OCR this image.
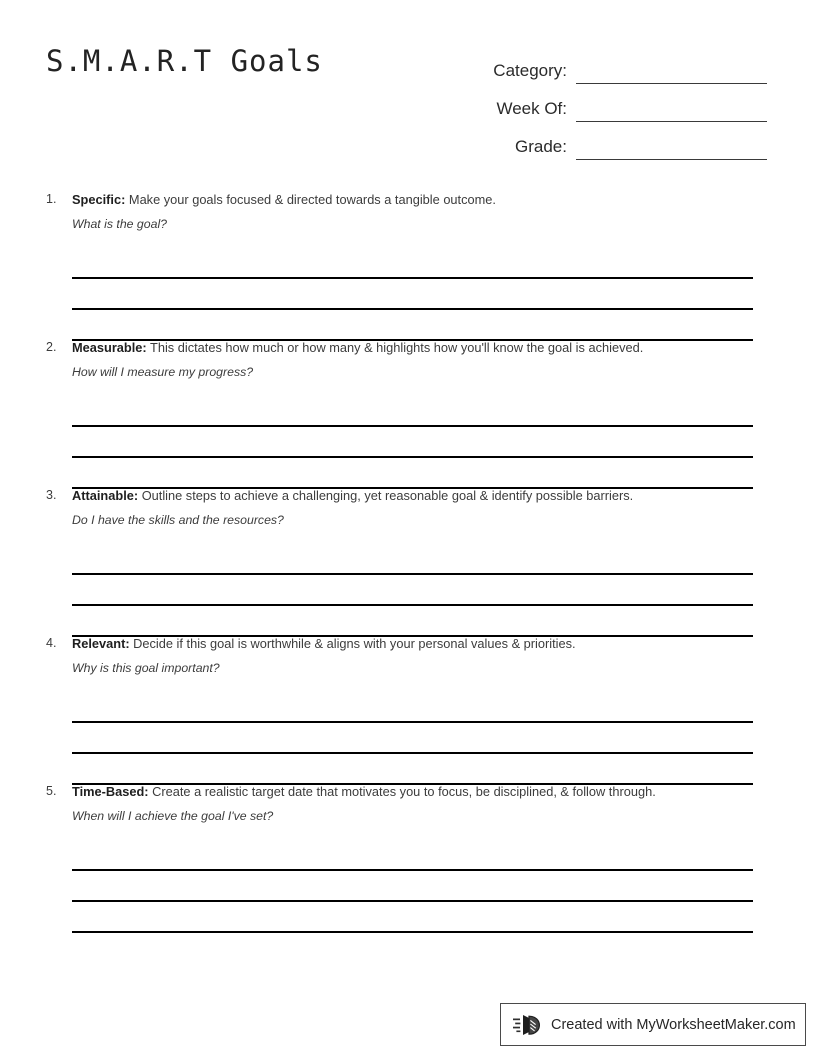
S.M.A.R.T Goals	Category:
Week Of:
Grade:
1. Specific: Make your goals focused & directed towards a tangible outcome.
What is the goal?
2. Measurable: This dictates how much or how many & highlights how you'll know the goal is achieved.
How will I measure my progress?
3. Attainable: Outline steps to achieve a challenging, yet reasonable goal & identify possible barriers.
Do I have the skills and the resources?
4. Relevant: Decide if this goal is worthwhile & aligns with your personal values & priorities.
Why is this goal important?
5. Time-Based: Create a realistic target date that motivates you to focus, be disciplined, & follow through.
When will I achieve the goal I've set?
Created with MyWorksheetMaker.com
